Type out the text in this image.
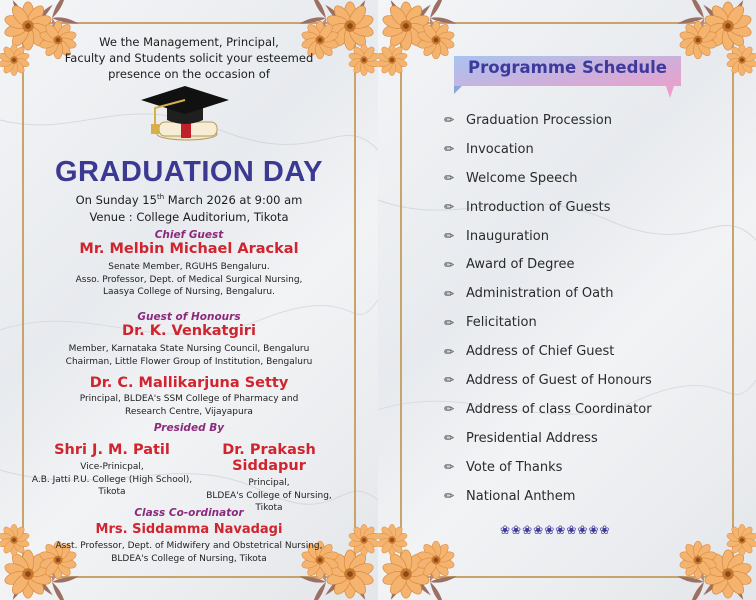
We the Management, Principal,
Faculty and Students solicit your esteemed
presence on the occasion of
GRADUATION DAY
On Sunday 15th March 2026 at 9:00 am
Venue : College Auditorium, Tikota
Chief Guest
Mr. Melbin Michael Arackal
Senate Member, RGUHS Bengaluru.
Asso. Professor, Dept. of Medical Surgical Nursing,
Laasya College of Nursing, Bengaluru.
Guest of Honours
Dr. K. Venkatgiri
Member, Karnataka State Nursing Council, Bengaluru
Chairman, Little Flower Group of Institution, Bengaluru
Dr. C. Mallikarjuna Setty
Principal, BLDEA's SSM College of Pharmacy and
Research Centre, Vijayapura
Presided By
Shri J. M. Patil
Vice-Prinicpal,
A.B. Jatti P.U. College (High School),
Tikota
Dr. Prakash Siddapur
Principal,
BLDEA's College of Nursing,
Tikota
Class Co-ordinator
Mrs. Siddamma Navadagi
Asst. Professor, Dept. of Midwifery and Obstetrical Nursing,
BLDEA's College of Nursing, Tikota
Programme Schedule
✏ Graduation Procession
✏ Invocation
✏ Welcome Speech
✏ Introduction of Guests
✏ Inauguration
✏ Award of Degree
✏ Administration of Oath
✏ Felicitation
✏ Address of Chief Guest
✏ Address of Guest of Honours
✏ Address of class Coordinator
✏ Presidential Address
✏ Vote of Thanks
✏ National Anthem
❀❀❀❀❀❀❀❀❀❀
